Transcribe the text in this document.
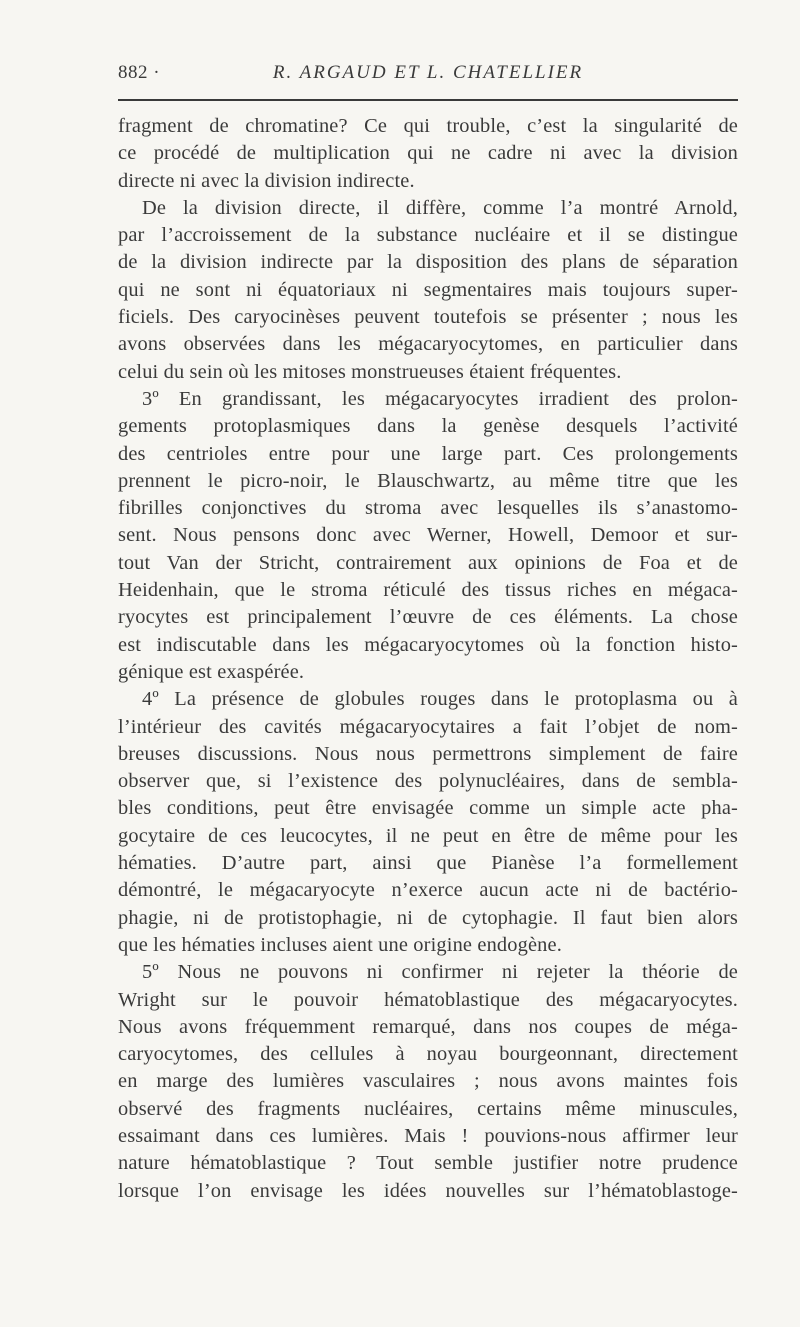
882 ·	R. ARGAUD ET L. CHATELLIER
fragment de chromatine? Ce qui trouble, c’est la singularité de
ce procédé de multiplication qui ne cadre ni avec la division
directe ni avec la division indirecte.
De la division directe, il diffère, comme l’a montré Arnold,
par l’accroissement de la substance nucléaire et il se distingue
de la division indirecte par la disposition des plans de séparation
qui ne sont ni équatoriaux ni segmentaires mais toujours super-
ficiels. Des caryocinèses peuvent toutefois se présenter ; nous les
avons observées dans les mégacaryocytomes, en particulier dans
celui du sein où les mitoses monstrueuses étaient fréquentes.
3º En grandissant, les mégacaryocytes irradient des prolon-
gements protoplasmiques dans la genèse desquels l’activité
des centrioles entre pour une large part. Ces prolongements
prennent le picro-noir, le Blauschwartz, au même titre que les
fibrilles conjonctives du stroma avec lesquelles ils s’anastomo-
sent. Nous pensons donc avec Werner, Howell, Demoor et sur-
tout Van der Stricht, contrairement aux opinions de Foa et de
Heidenhain, que le stroma réticulé des tissus riches en mégaca-
ryocytes est principalement l’œuvre de ces éléments. La chose
est indiscutable dans les mégacaryocytomes où la fonction histo-
génique est exaspérée.
4º La présence de globules rouges dans le protoplasma ou à
l’intérieur des cavités mégacaryocytaires a fait l’objet de nom-
breuses discussions. Nous nous permettrons simplement de faire
observer que, si l’existence des polynucléaires, dans de sembla-
bles conditions, peut être envisagée comme un simple acte pha-
gocytaire de ces leucocytes, il ne peut en être de même pour les
hématies. D’autre part, ainsi que Pianèse l’a formellement
démontré, le mégacaryocyte n’exerce aucun acte ni de bactério-
phagie, ni de protistophagie, ni de cytophagie. Il faut bien alors
que les hématies incluses aient une origine endogène.
5º Nous ne pouvons ni confirmer ni rejeter la théorie de
Wright sur le pouvoir hématoblastique des mégacaryocytes.
Nous avons fréquemment remarqué, dans nos coupes de méga-
caryocytomes, des cellules à noyau bourgeonnant, directement
en marge des lumières vasculaires ; nous avons maintes fois
observé des fragments nucléaires, certains même minuscules,
essaimant dans ces lumières. Mais ! pouvions-nous affirmer leur
nature hématoblastique ? Tout semble justifier notre prudence
lorsque l’on envisage les idées nouvelles sur l’hématoblastoge-
